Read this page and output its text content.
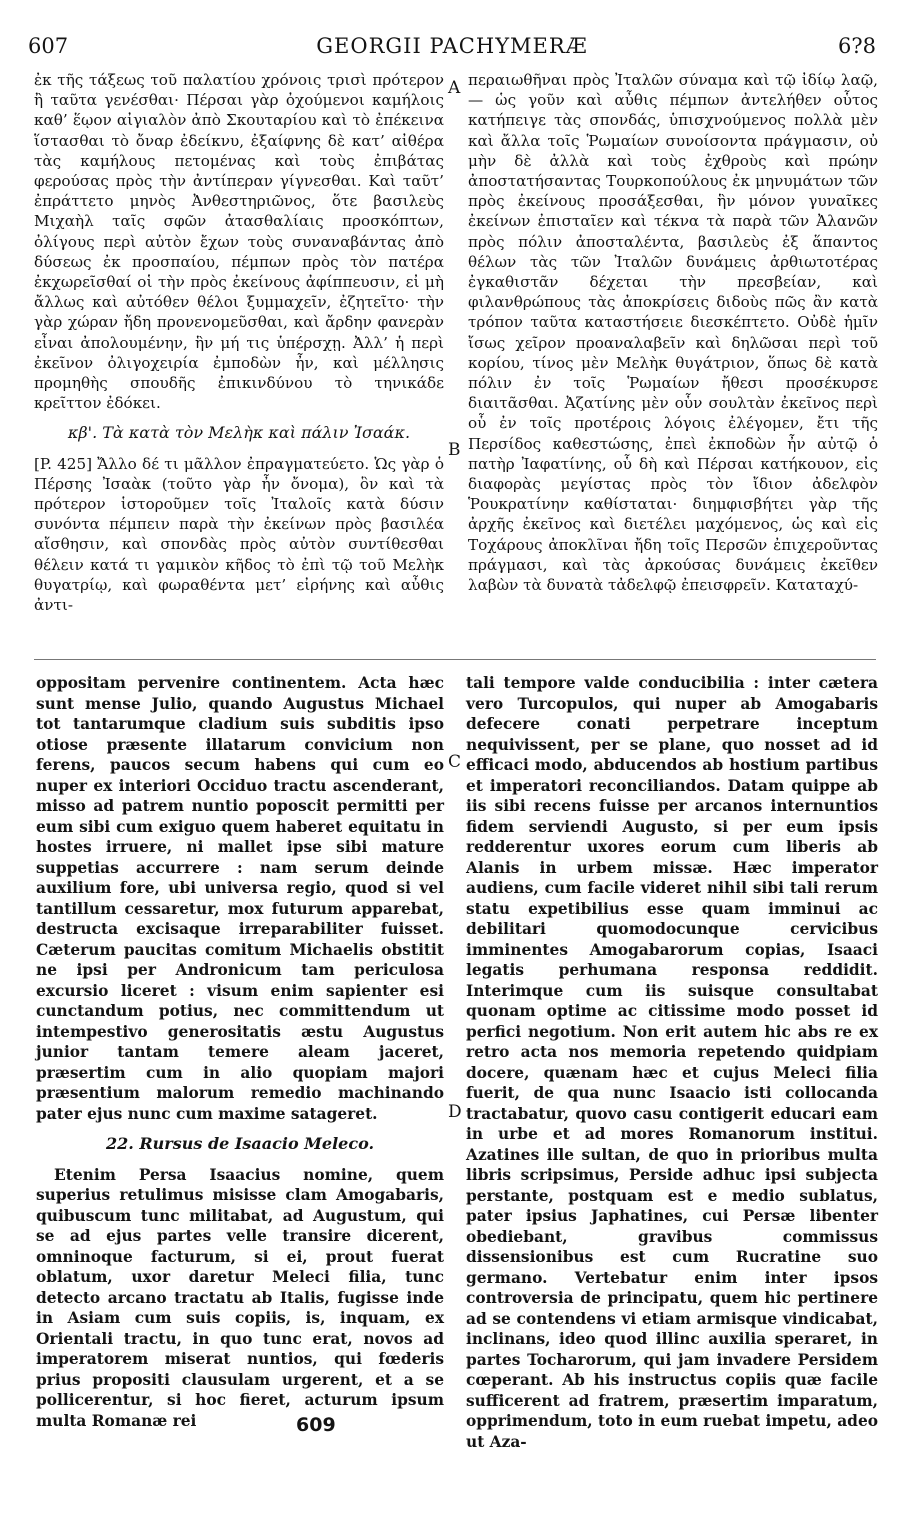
607	GEORGII PACHYMERÆ	6?8

ἐκ τῆς τάξεως τοῦ παλατίου χρόνοις τρισὶ πρότερον ἢ ταῦτα γενέσθαι· Πέρσαι γὰρ ὀχούμενοι καμήλοις καθ’ ἕῳον αἰγιαλὸν ἀπὸ Σκουταρίου καὶ τὸ ἐπέκεινα ἵστασθαι τὸ ὄναρ ἐδείκνυ, ἐξαίφνης δὲ κατ’ αἰθέρα τὰς καμήλους πετομένας καὶ τοὺς ἐπιβάτας φερούσας πρὸς τὴν ἀντίπεραν γίγνεσθαι. Καὶ ταῦτ’ ἐπράττετο μηνὸς Ἀνθεστηριῶνος, ὅτε βασιλεὺς Μιχαὴλ ταῖς σφῶν ἀτασθαλίαις προσκόπτων, ὀλίγους περὶ αὐτὸν ἔχων τοὺς συναναβάντας ἀπὸ δύσεως ἐκ προσπαίου, πέμπων πρὸς τὸν πατέρα ἐκχωρεῖσθαί οἱ τὴν πρὸς ἐκείνους ἀφίππευσιν, εἰ μὴ ἄλλως καὶ αὐτόθεν θέλοι ξυμμαχεῖν, ἐζητεῖτο· τὴν γὰρ χώραν ἤδη προνενομεῦσθαι, καὶ ἄρδην φανερὰν εἶναι ἀπολουμένην, ἣν μή τις ὑπέρσχῃ. Ἀλλ’ ἡ περὶ ἐκεῖνον ὀλιγοχειρία ἐμποδὼν ἦν, καὶ μέλλησις προμηθὴς σπουδῆς ἐπικινδύνου τὸ τηνικάδε κρεῖττον ἐδόκει.

κβ'. Τὰ κατὰ τὸν Μελὴκ καὶ πάλιν Ἰσαάκ.

[P. 425] Ἄλλο δέ τι μᾶλλον ἐπραγματεύετο. Ὡς γὰρ ὁ Πέρσης Ἰσαὰκ (τοῦτο γὰρ ἦν ὄνομα), ὃν καὶ τὰ πρότερον ἱστοροῦμεν τοῖς Ἰταλοῖς κατὰ δύσιν συνόντα πέμπειν παρὰ τὴν ἐκείνων πρὸς βασιλέα αἴσθησιν, καὶ σπονδὰς πρὸς αὐτὸν συντίθεσθαι θέλειν κατά τι γαμικὸν κῆδος τὸ ἐπὶ τῷ τοῦ Μελὴκ θυγατρίῳ, καὶ φωραθέντα μετ’ εἰρήνης καὶ αὖθις ἀντι-

περαιωθῆναι πρὸς Ἰταλῶν σύναμα καὶ τῷ ἰδίῳ λαῷ, — ὡς γοῦν καὶ αὖθις πέμπων ἀντελήθεν οὗτος κατήπειγε τὰς σπονδάς, ὑπισχνούμενος πολλὰ μὲν καὶ ἄλλα τοῖς Ῥωμαίων συνοίσοντα πράγμασιν, οὐ μὴν δὲ ἀλλὰ καὶ τοὺς ἐχθροὺς καὶ πρώην ἀποστατήσαντας Τουρκοπούλους ἐκ μηνυμάτων τῶν πρὸς ἐκείνους προσάξεσθαι, ἣν μόνον γυναῖκες ἐκείνων ἐπισταῖεν καὶ τέκνα τὰ παρὰ τῶν Ἀλανῶν πρὸς πόλιν ἀποσταλέντα, βασιλεὺς ἐξ ἅπαντος θέλων τὰς τῶν Ἰταλῶν δυνάμεις ἀρθιωτοτέρας ἐγκαθιστᾶν δέχεται τὴν πρεσβείαν, καὶ φιλανθρώπους τὰς ἀποκρίσεις διδοὺς πῶς ἂν κατὰ τρόπον ταῦτα καταστήσειε διεσκέπτετο. Οὐδὲ ἡμῖν ἴσως χεῖρον προαναλαβεῖν καὶ δηλῶσαι περὶ τοῦ κορίου, τίνος μὲν Μελὴκ θυγάτριον, ὅπως δὲ κατὰ πόλιν ἐν τοῖς Ῥωμαίων ἤθεσι προσέκυρσε διαιτᾶσθαι. Ἀζατίνης μὲν οὗν σουλτὰν ἐκεῖνος περὶ οὗ ἐν τοῖς προτέροις λόγοις ἐλέγομεν, ἔτι τῆς Περσίδος καθεστώσης, ἐπεὶ ἐκποδὼν ἦν αὐτῷ ὁ πατὴρ Ἰαφατίνης, οὗ δὴ καὶ Πέρσαι κατήκουον, εἰς διαφορὰς μεγίστας πρὸς τὸν ἴδιον ἀδελφὸν Ῥουκρατίνην καθίσταται· διημφισβήτει γὰρ τῆς ἀρχῆς ἐκεῖνος καὶ διετέλει μαχόμενος, ὡς καὶ εἰς Τοχάρους ἀποκλῖναι ἤδη τοῖς Περσῶν ἐπιχεροῦντας πράγμασι, καὶ τὰς ἀρκούσας δυνάμεις ἐκεῖθεν λαβὼν τὰ δυνατὰ τἀδελφῷ ἐπεισφρεῖν. Καταταχύ-

A
B

oppositam pervenire continentem. Acta hæc sunt mense Julio, quando Augustus Michael tot tantarumque cladium suis subditis ipso otiose præsente illatarum convicium non ferens, paucos secum habens qui cum eo nuper ex interiori Occiduo tractu ascenderant, misso ad patrem nuntio poposcit permitti per eum sibi cum exiguo quem haberet equitatu in hostes irruere, ni mallet ipse sibi mature suppetias accurrere : nam serum deinde auxilium fore, ubi universa regio, quod si vel tantillum cessaretur, mox futurum apparebat, destructa excisaque irreparabiliter fuisset. Cæterum paucitas comitum Michaelis obstitit ne ipsi per Andronicum tam periculosa excursio liceret : visum enim sapienter esi cunctandum potius, nec committendum ut intempestivo generositatis æstu Augustus junior tantam temere aleam jaceret, præsertim cum in alio quopiam majori præsentium malorum remedio machinando pater ejus nunc cum maxime satageret.

22. Rursus de Isaacio Meleco.

Etenim Persa Isaacius nomine, quem superius retulimus misisse clam Amogabaris, quibuscum tunc militabat, ad Augustum, qui se ad ejus partes velle transire dicerent, omninoque facturum, si ei, prout fuerat oblatum, uxor daretur Meleci filia, tunc detecto arcano tractatu ab Italis, fugisse inde in Asiam cum suis copiis, is, inquam, ex Orientali tractu, in quo tunc erat, novos ad imperatorem miserat nuntios, qui fœderis prius propositi clausulam urgerent, et a se pollicerentur, si hoc fieret, acturum ipsum multa Romanæ rei

tali tempore valde conducibilia : inter cætera vero Turcopulos, qui nuper ab Amogabaris defecere conati perpetrare inceptum nequivissent, per se plane, quo nosset ad id efficaci modo, abducendos ab hostium partibus et imperatori reconciliandos. Datam quippe ab iis sibi recens fuisse per arcanos internuntios fidem serviendi Augusto, si per eum ipsis redderentur uxores eorum cum liberis ab Alanis in urbem missæ. Hæc imperator audiens, cum facile videret nihil sibi tali rerum statu expetibilius esse quam imminui ac debilitari quomodocunque cervicibus imminentes Amogabarorum copias, Isaaci legatis perhumana responsa reddidit. Interimque cum iis suisque consultabat quonam optime ac citissime modo posset id perfici negotium. Non erit autem hic abs re ex retro acta nos memoria repetendo quidpiam docere, quænam hæc et cujus Meleci filia fuerit, de qua nunc Isaacio isti collocanda tractabatur, quovo casu contigerit educari eam in urbe et ad mores Romanorum institui. Azatines ille sultan, de quo in prioribus multa libris scripsimus, Perside adhuc ipsi subjecta perstante, postquam est e medio sublatus, pater ipsius Japhatines, cui Persæ libenter obediebant, gravibus commissus dissensionibus est cum Rucratine suo germano. Vertebatur enim inter ipsos controversia de principatu, quem hic pertinere ad se contendens vi etiam armisque vindicabat, inclinans, ideo quod illinc auxilia speraret, in partes Tocharorum, qui jam invadere Persidem cœperant. Ab his instructus copiis quæ facile sufficerent ad fratrem, præsertim imparatum, opprimendum, toto in eum ruebat impetu, adeo ut Aza-

C
D
609
